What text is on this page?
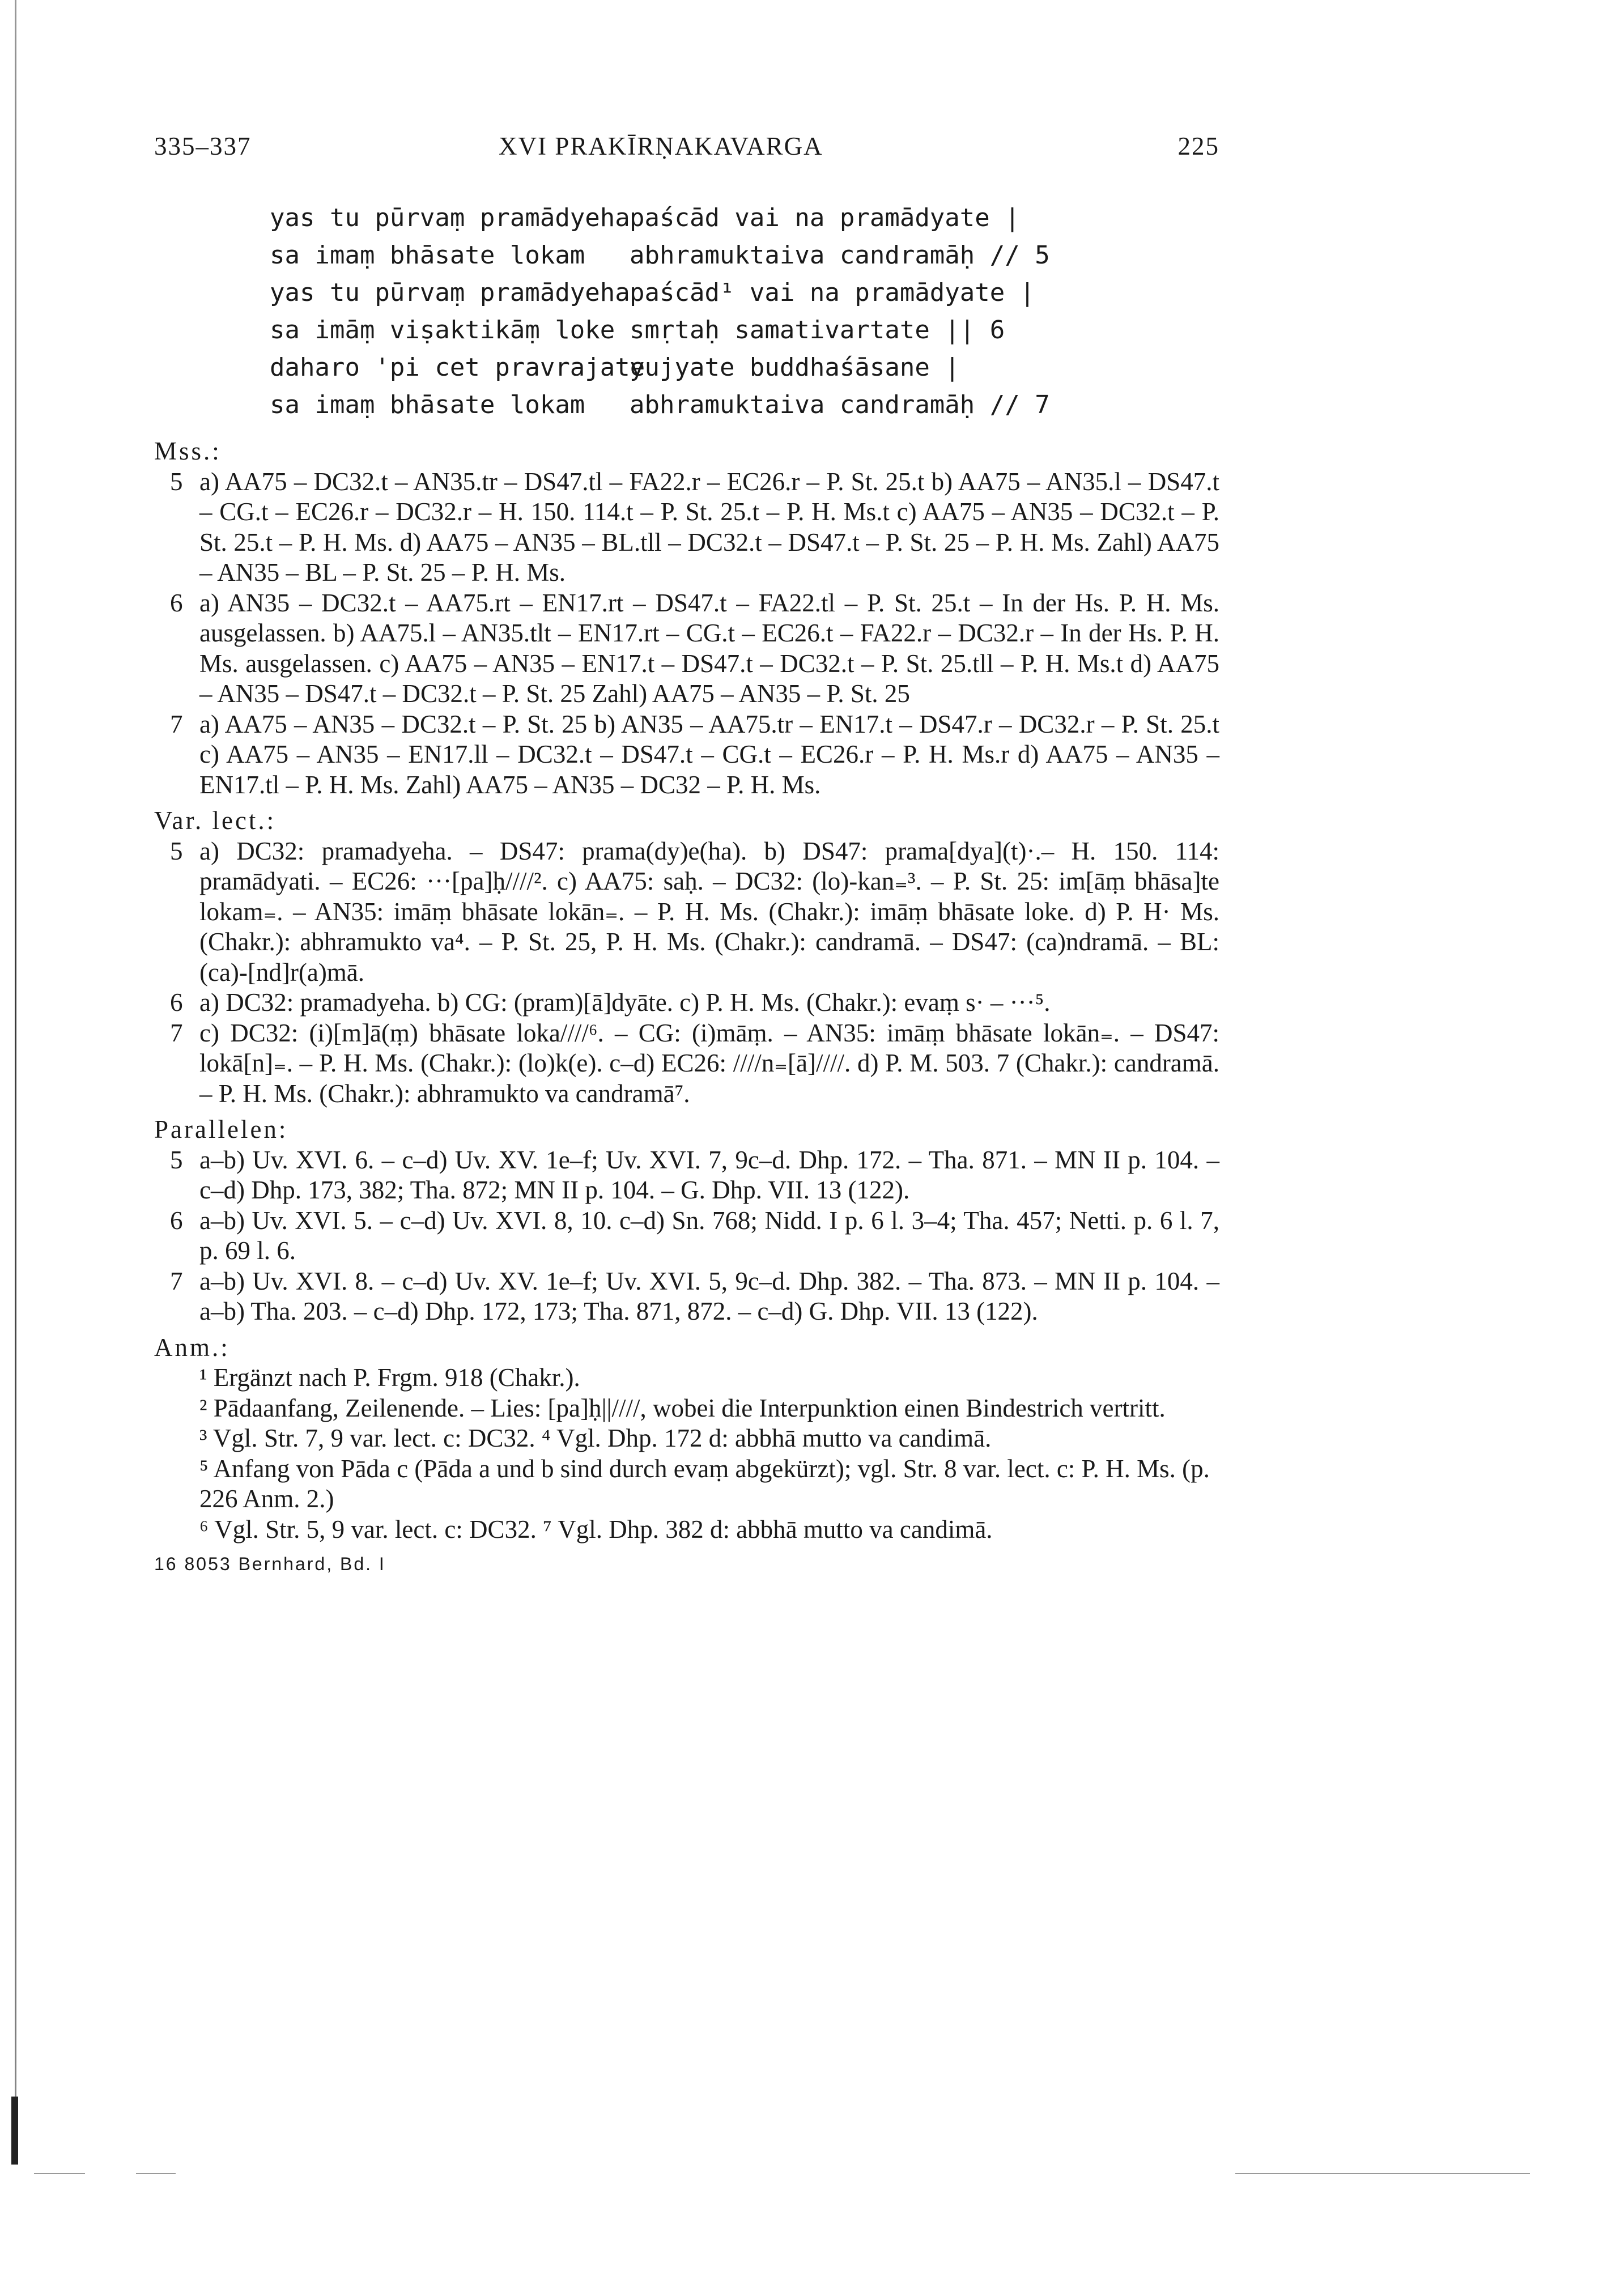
335–337	XVI PRAKĪRṆAKAVARGA	225
yas tu pūrvaṃ pramādyeha paścād vai na pramādyate |
sa imaṃ bhāsate lokam abhramuktaiva candramāḥ // 5
yas tu pūrvaṃ pramādyeha paścād¹ vai na pramādyate |
sa imāṃ viṣaktikāṃ loke smṛtaḥ samativartate || 6
daharo 'pi cet pravrajate
yujyate buddhaśāsane |
sa imaṃ bhāsate lokam abhramuktaiva candramāḥ // 7
Mss.:
5 a) AA75 – DC32.t – AN35.tr – DS47.tl – FA22.r – EC26.r – P. St. 25.t b) AA75 – AN35.l – DS47.t – CG.t – EC26.r – DC32.r – H. 150. 114.t – P. St. 25.t – P. H. Ms.t c) AA75 – AN35 – DC32.t – P. St. 25.t – P. H. Ms. d) AA75 – AN35 – BL.tll – DC32.t – DS47.t – P. St. 25 – P. H. Ms. Zahl) AA75 – AN35 – BL – P. St. 25 – P. H. Ms.
6 a) AN35 – DC32.t – AA75.rt – EN17.rt – DS47.t – FA22.tl – P. St. 25.t – In der Hs. P. H. Ms. ausgelassen. b) AA75.l – AN35.tlt – EN17.rt – CG.t – EC26.t – FA22.r – DC32.r – In der Hs. P. H. Ms. ausgelassen. c) AA75 – AN35 – EN17.t – DS47.t – DC32.t – P. St. 25.tll – P. H. Ms.t d) AA75 – AN35 – DS47.t – DC32.t – P. St. 25 Zahl) AA75 – AN35 – P. St. 25
7 a) AA75 – AN35 – DC32.t – P. St. 25 b) AN35 – AA75.tr – EN17.t – DS47.r – DC32.r – P. St. 25.t c) AA75 – AN35 – EN17.ll – DC32.t – DS47.t – CG.t – EC26.r – P. H. Ms.r d) AA75 – AN35 – EN17.tl – P. H. Ms. Zahl) AA75 – AN35 – DC32 – P. H. Ms.
Var. lect.:
5 a) DC32: pramadyeha. – DS47: prama(dy)e(ha). b) DS47: prama[dya](t)·.– H. 150. 114: pramādyati. – EC26: ···[pa]ḥ////². c) AA75: saḥ. – DC32: (lo)-kan₌³. – P. St. 25: im[āṃ bhāsa]te lokam₌. – AN35: imāṃ bhāsate lokān₌. – P. H. Ms. (Chakr.): imāṃ bhāsate loke. d) P. H· Ms. (Chakr.): abhramukto va⁴. – P. St. 25, P. H. Ms. (Chakr.): candramā. – DS47: (ca)ndramā. – BL: (ca)-[nd]r(a)mā.
6 a) DC32: pramadyeha. b) CG: (pram)[ā]dyāte. c) P. H. Ms. (Chakr.): evaṃ s· – ···⁵.
7 c) DC32: (i)[m]ā(ṃ) bhāsate loka////⁶. – CG: (i)māṃ. – AN35: imāṃ bhāsate lokān₌. – DS47: lokā[n]₌. – P. H. Ms. (Chakr.): (lo)k(e). c–d) EC26: ////n₌[ā]////. d) P. M. 503. 7 (Chakr.): candramā. – P. H. Ms. (Chakr.): abhramukto va candramā⁷.
Parallelen:
5 a–b) Uv. XVI. 6. – c–d) Uv. XV. 1e–f; Uv. XVI. 7, 9c–d. Dhp. 172. – Tha. 871. – MN II p. 104. – c–d) Dhp. 173, 382; Tha. 872; MN II p. 104. – G. Dhp. VII. 13 (122).
6 a–b) Uv. XVI. 5. – c–d) Uv. XVI. 8, 10. c–d) Sn. 768; Nidd. I p. 6 l. 3–4; Tha. 457; Netti. p. 6 l. 7, p. 69 l. 6.
7 a–b) Uv. XVI. 8. – c–d) Uv. XV. 1e–f; Uv. XVI. 5, 9c–d. Dhp. 382. – Tha. 873. – MN II p. 104. – a–b) Tha. 203. – c–d) Dhp. 172, 173; Tha. 871, 872. – c–d) G. Dhp. VII. 13 (122).
Anm.:
¹ Ergänzt nach P. Frgm. 918 (Chakr.).
² Pādaanfang, Zeilenende. – Lies: [pa]ḥ||////, wobei die Interpunktion einen Bindestrich vertritt.
³ Vgl. Str. 7, 9 var. lect. c: DC32. ⁴ Vgl. Dhp. 172 d: abbhā mutto va candimā.
⁵ Anfang von Pāda c (Pāda a und b sind durch evaṃ abgekürzt); vgl. Str. 8 var. lect. c: P. H. Ms. (p. 226 Anm. 2.)
⁶ Vgl. Str. 5, 9 var. lect. c: DC32. ⁷ Vgl. Dhp. 382 d: abbhā mutto va candimā.
16 8053 Bernhard, Bd. I
